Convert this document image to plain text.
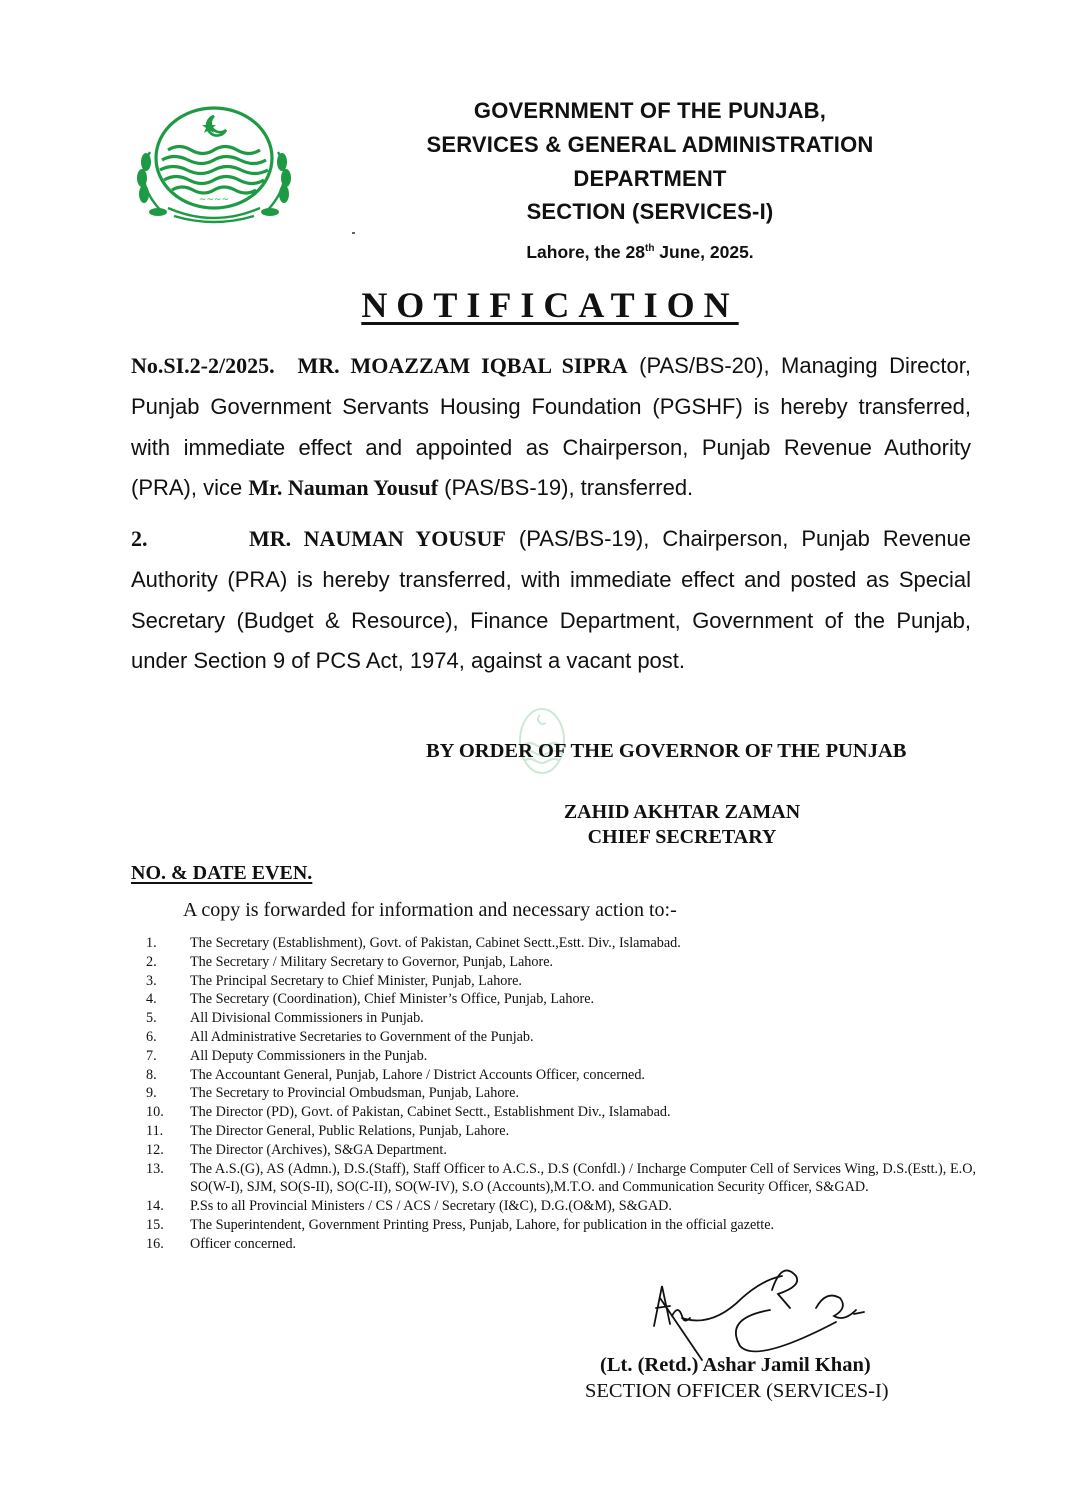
~~~~
GOVERNMENT OF THE PUNJAB,
SERVICES & GENERAL ADMINISTRATION
DEPARTMENT
SECTION (SERVICES-I)
Lahore, the 28th June, 2025.
NOTIFICATION
No.SI.2-2/2025. MR. MOAZZAM IQBAL SIPRA (PAS/BS-20), Managing Director, Punjab Government Servants Housing Foundation (PGSHF) is hereby transferred, with immediate effect and appointed as Chairperson, Punjab Revenue Authority (PRA), vice Mr. Nauman Yousuf (PAS/BS-19), transferred.
2.	MR. NAUMAN YOUSUF (PAS/BS-19), Chairperson, Punjab Revenue Authority (PRA) is hereby transferred, with immediate effect and posted as Special Secretary (Budget & Resource), Finance Department, Government of the Punjab, under Section 9 of PCS Act, 1974, against a vacant post.
BY ORDER OF THE GOVERNOR OF THE PUNJAB
ZAHID AKHTAR ZAMAN
CHIEF SECRETARY
NO. & DATE EVEN.
A copy is forwarded for information and necessary action to:-
1.	The Secretary (Establishment), Govt. of Pakistan, Cabinet Sectt.,Estt. Div., Islamabad.
2.	The Secretary / Military Secretary to Governor, Punjab, Lahore.
3.	The Principal Secretary to Chief Minister, Punjab, Lahore.
4.	The Secretary (Coordination), Chief Minister’s Office, Punjab, Lahore.
5.	All Divisional Commissioners in Punjab.
6.	All Administrative Secretaries to Government of the Punjab.
7.	All Deputy Commissioners in the Punjab.
8.	The Accountant General, Punjab, Lahore / District Accounts Officer, concerned.
9.	The Secretary to Provincial Ombudsman, Punjab, Lahore.
10.	The Director (PD), Govt. of Pakistan, Cabinet Sectt., Establishment Div., Islamabad.
11.	The Director General, Public Relations, Punjab, Lahore.
12.	The Director (Archives), S&GA Department.
13.	The A.S.(G), AS (Admn.), D.S.(Staff), Staff Officer to A.C.S., D.S (Confdl.) / Incharge Computer Cell of Services Wing, D.S.(Estt.), E.O, SO(W-I), SJM, SO(S-II), SO(C-II), SO(W-IV), S.O (Accounts),M.T.O. and Communication Security Officer, S&GAD.
14.	P.Ss to all Provincial Ministers / CS / ACS / Secretary (I&C), D.G.(O&M), S&GAD.
15.	The Superintendent, Government Printing Press, Punjab, Lahore, for publication in the official gazette.
16.	Officer concerned.
(Lt. (Retd.) Ashar Jamil Khan)
SECTION OFFICER (SERVICES-I)
